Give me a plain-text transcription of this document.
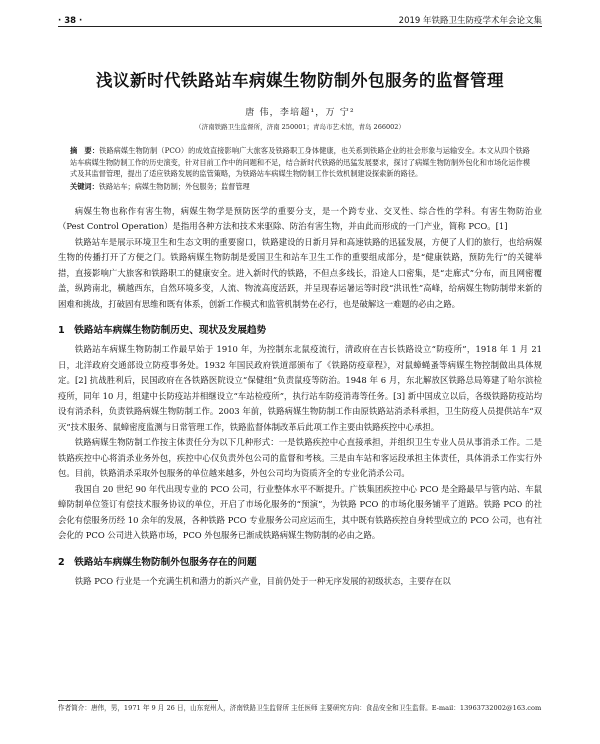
· 38 ·	2019 年铁路卫生防疫学术年会论文集
浅议新时代铁路站车病媒生物防制外包服务的监督管理
唐 伟，李培超¹，万 宁²
（济南铁路卫生监督所，济南 250001；青岛市艺术馆，青岛 266002）
摘　要：铁路病媒生物防制（PCO）的成效直接影响广大旅客及铁路职工身体健康，也关系到铁路企业的社会形象与运输安全。本文从四个铁路站车病媒生物防制工作的历史演变，针对目前工作中的问题和不足，结合新时代铁路的迅猛发展要求，探讨了病媒生物防制外包化和市场化运作模式及其监督管理，提出了适应铁路发展的监管策略，为铁路站车病媒生物防制工作长效机制建设探索新的路径。
关键词：铁路站车；病媒生物防制；外包服务；监督管理

病媒生物也称作有害生物，病媒生物学是预防医学的重要分支，是一个跨专业、交叉性、综合性的学科。有害生物防治业（Pest Control Operation）是指用各种方法和技术来驱除、防治有害生物，并由此而形成的一门产业，简称 PCO。[1]

铁路站车是展示环境卫生和生态文明的重要窗口，铁路建设的日新月异和高速铁路的迅猛发展，方便了人们的旅行，也给病媒生物的传播打开了方便之门。铁路病媒生物防制是爱国卫生和站车卫生工作的重要组成部分，是“健康铁路，预防先行”的关键举措，直接影响广大旅客和铁路职工的健康安全。进入新时代的铁路，不但点多线长，沿途人口密集，是“走廊式”分布，而且网密覆盖，纵跨南北，横越西东，自然环境多变，人流、物流高度活跃，并呈现春运暑运等时段“洪讯性”高峰，给病媒生物防制带来新的困难和挑战，打破固有思维和既有体系，创新工作模式和监管机制势在必行，也是破解这一难题的必由之路。

1　铁路站车病媒生物防制历史、现状及发展趋势

铁路站车病媒生物防制工作最早始于 1910 年，为控制东北鼠疫流行，清政府在吉长铁路设立“防疫所”，1918 年 1 月 21 日，北洋政府交通部设立防疫事务处。1932 年国民政府铁道部颁布了《铁路防疫章程》，对鼠蟑蝇蚤等病媒生物控制做出具体规定。[2] 抗战胜利后，民国政府在各铁路医院设立“保健组”负责鼠疫等防治。1948 年 6 月，东北解放区铁路总局筹建了哈尔滨检疫所，同年 10 月，组建中长防疫站并相继设立“车站检疫所”，执行站车防疫消毒等任务。[3] 新中国成立以后，各级铁路防疫站均设有消杀科，负责铁路病媒生物防制工作。2003 年前，铁路病媒生物防制工作由原铁路站消杀科承担，卫生防疫人员提供站车“双灭”技术服务、鼠蟑密度监测与日常管理工作，铁路监督体制改革后此项工作主要由铁路疾控中心承担。

铁路病媒生物防制工作按主体责任分为以下几种形式：一是铁路疾控中心直接承担，并组织卫生专业人员从事消杀工作。二是铁路疾控中心将消杀业务外包，疾控中心仅负责外包公司的监督和考核。三是由车站和客运段承担主体责任，具体消杀工作实行外包。目前，铁路消杀采取外包服务的单位越来越多，外包公司均为资质齐全的专业化消杀公司。

我国自 20 世纪 90 年代出现专业的 PCO 公司，行业整体水平不断提升。广铁集团疾控中心 PCO 是全路最早与管内站、车鼠蟑防制单位签订有偿技术服务协议的单位，开启了市场化服务的“预演”，为铁路 PCO 的市场化服务铺平了道路。铁路 PCO 的社会化有偿服务历经 10 余年的发展，各种铁路 PCO 专业服务公司应运而生，其中既有铁路疾控自身转型成立的 PCO 公司，也有社会化的 PCO 公司进入铁路市场，PCO 外包服务已渐成铁路病媒生物防制的必由之路。

2　铁路站车病媒生物防制外包服务存在的问题

铁路 PCO 行业是一个充满生机和潜力的新兴产业，目前仍处于一种无序发展的初级状态，主要存在以

作者简介：唐伟，男，1971 年 9 月 26 日，山东兖州人，济南铁路卫生监督所 主任医师 主要研究方向：食品安全和卫生监督。E-mail：13963732002@163.com
